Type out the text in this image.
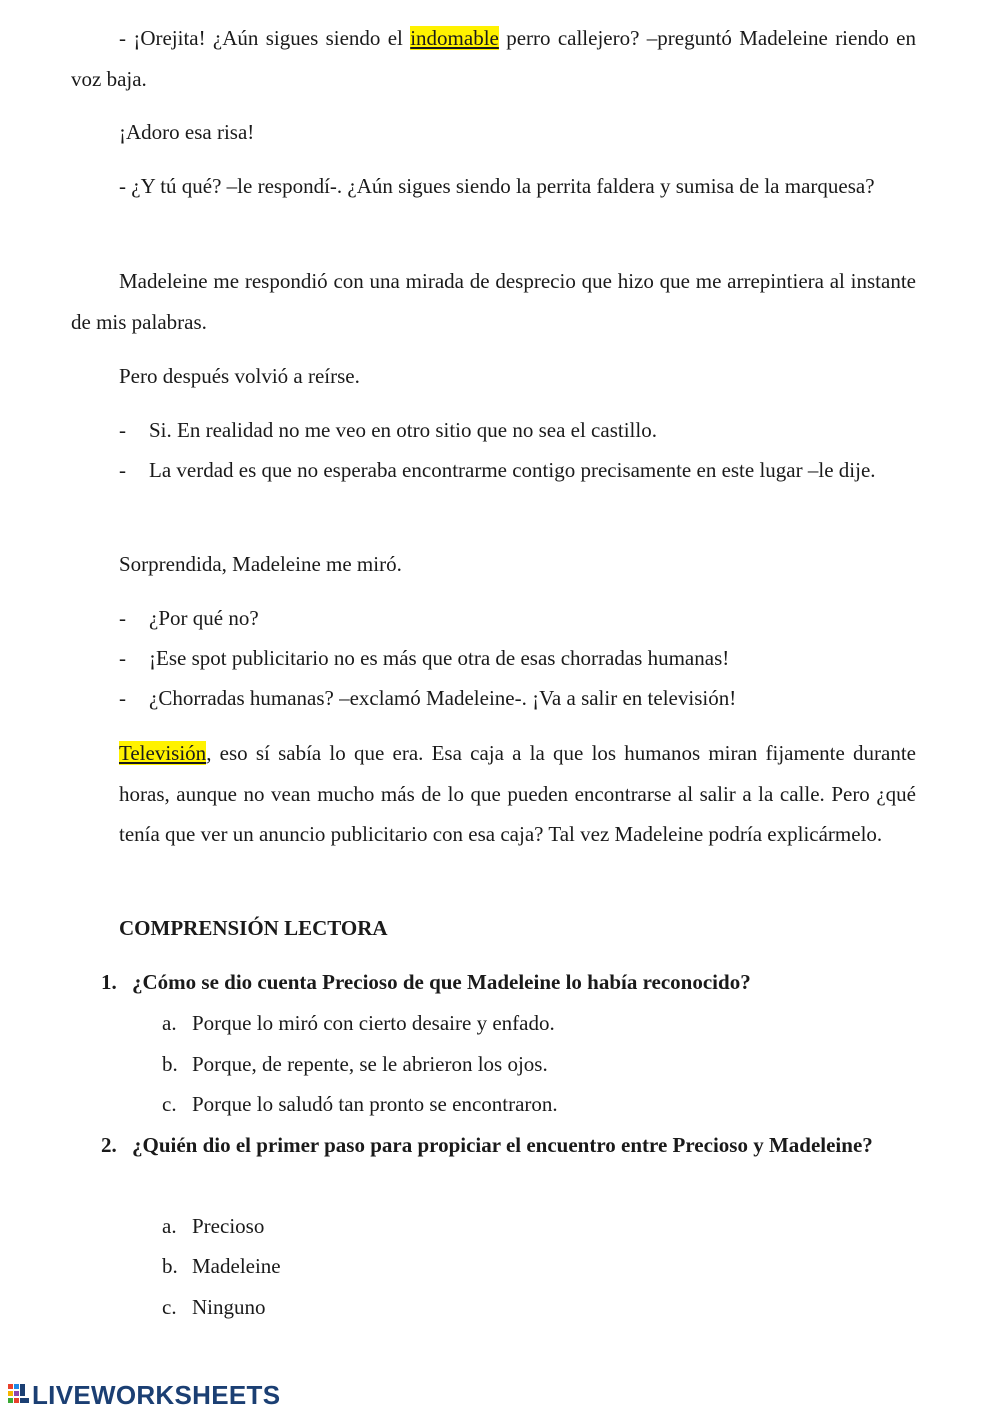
- ¡Orejita! ¿Aún sigues siendo el indomable perro callejero? –preguntó Madeleine riendo en voz baja.

¡Adoro esa risa!

- ¿Y tú qué? –le respondí-. ¿Aún sigues siendo la perrita faldera y sumisa de la marquesa?

Madeleine me respondió con una mirada de desprecio que hizo que me arrepintiera al instante de mis palabras.

Pero después volvió a reírse.

- Si. En realidad no me veo en otro sitio que no sea el castillo.
- La verdad es que no esperaba encontrarme contigo precisamente en este lugar –le dije.

Sorprendida, Madeleine me miró.

- ¿Por qué no?
- ¡Ese spot publicitario no es más que otra de esas chorradas humanas!
- ¿Chorradas humanas? –exclamó Madeleine-. ¡Va a salir en televisión!

Televisión, eso sí sabía lo que era. Esa caja a la que los humanos miran fijamente durante horas, aunque no vean mucho más de lo que pueden encontrarse al salir a la calle. Pero ¿qué tenía que ver un anuncio publicitario con esa caja? Tal vez Madeleine podría explicármelo.

COMPRENSIÓN LECTORA

1. ¿Cómo se dio cuenta Precioso de que Madeleine lo había reconocido?
a. Porque lo miró con cierto desaire y enfado.
b. Porque, de repente, se le abrieron los ojos.
c. Porque lo saludó tan pronto se encontraron.
2. ¿Quién dio el primer paso para propiciar el encuentro entre Precioso y Madeleine?
a. Precioso
b. Madeleine
c. Ninguno
LIVEWORKSHEETS
